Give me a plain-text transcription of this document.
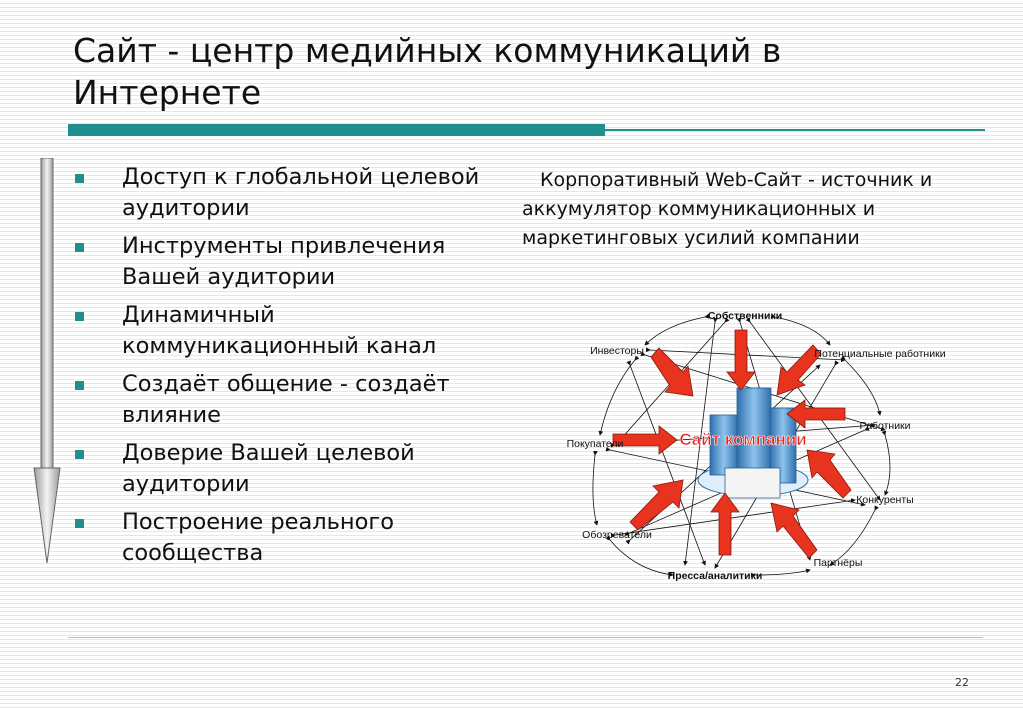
Сайт - центр медийных коммуникаций в Интернете
Доступ к глобальной целевой аудитории
Инструменты привлечения Вашей аудитории
Динамичный коммуникационный канал
Создаёт общение - создаёт влияние
Доверие Вашей целевой аудитории
Построение реального сообщества
Корпоративный Web-Сайт - источник и аккумулятор коммуникационных и маркетинговых усилий компании
Сайт компании
Собственники
Инвесторы	Потенциальные работники
Работники
Покупатели
Конкуренты
Обозреватели
Партнёры
Пресса/аналитики
22
